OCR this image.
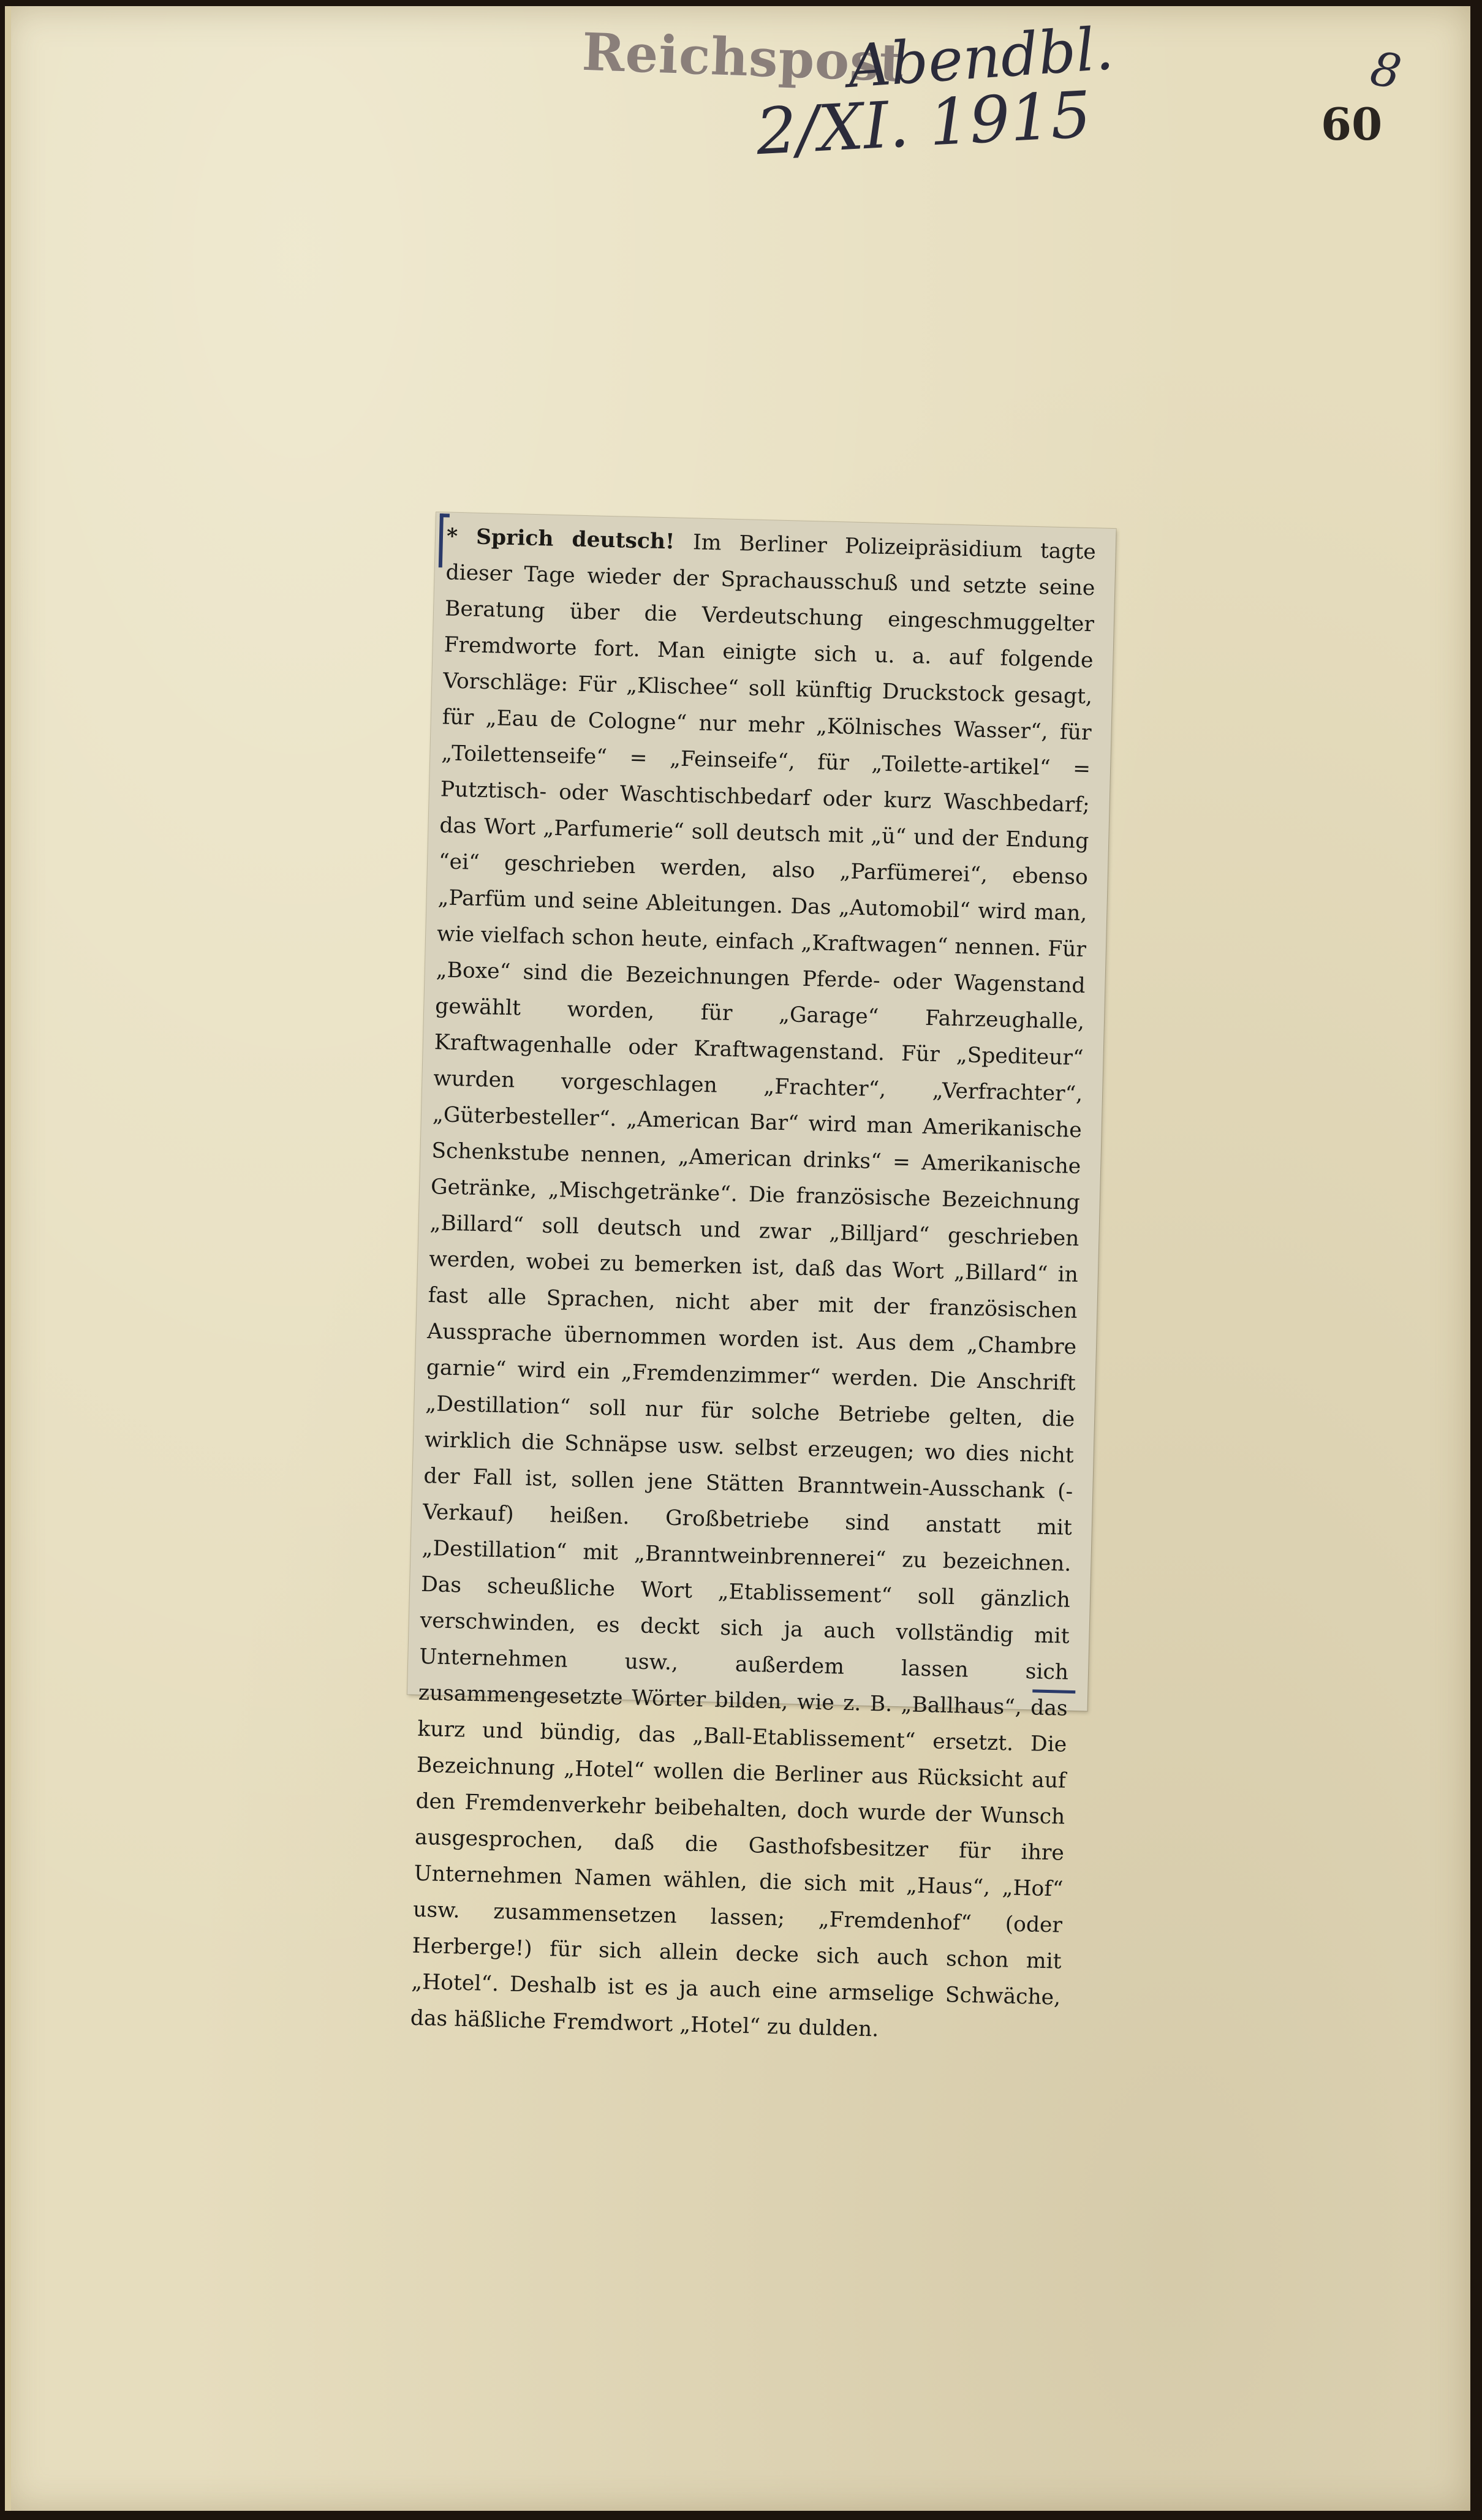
Reichspost
Abendbl.
2/XI. 1915
8
60

* Sprich deutsch! Im Berliner Polizeipräsidium tagte dieser Tage wieder der Sprachausschuß und setzte seine Beratung über die Verdeutschung eingeschmuggelter Fremdworte fort. Man einigte sich u. a. auf folgende Vorschläge: Für „Klischee“ soll künftig Druckstock gesagt, für „Eau de Cologne“ nur mehr „Kölnisches Wasser“, für „Toilettenseife“ = „Feinseife“, für „Toilette-artikel“ = Putztisch- oder Waschtischbedarf oder kurz Waschbedarf; das Wort „Parfumerie“ soll deutsch mit „ü“ und der Endung “ei“ geschrieben werden, also „Parfümerei“, ebenso „Parfüm und seine Ableitungen. Das „Automobil“ wird man, wie vielfach schon heute, einfach „Kraftwagen“ nennen. Für „Boxe“ sind die Bezeichnungen Pferde- oder Wagenstand gewählt worden, für „Garage“ Fahrzeughalle, Kraftwagenhalle oder Kraftwagenstand. Für „Spediteur“ wurden vorgeschlagen „Frachter“, „Verfrachter“, „Güterbesteller“. „American Bar“ wird man Amerikanische Schenkstube nennen, „American drinks“ = Amerikanische Getränke, „Mischgetränke“. Die französische Bezeichnung „Billard“ soll deutsch und zwar „Billjard“ geschrieben werden, wobei zu bemerken ist, daß das Wort „Billard“ in fast alle Sprachen, nicht aber mit der französischen Aussprache übernommen worden ist. Aus dem „Chambre garnie“ wird ein „Fremdenzimmer“ werden. Die Anschrift „Destillation“ soll nur für solche Betriebe gelten, die wirklich die Schnäpse usw. selbst erzeugen; wo dies nicht der Fall ist, sollen jene Stätten Branntwein-Ausschank (-Verkauf) heißen. Großbetriebe sind anstatt mit „Destillation“ mit „Branntweinbrennerei“ zu bezeichnen. Das scheußliche Wort „Etablissement“ soll gänzlich verschwinden, es deckt sich ja auch vollständig mit Unternehmen usw., außerdem lassen sich zusammengesetzte Wörter bilden, wie z. B. „Ballhaus“, das kurz und bündig, das „Ball-Etablissement“ ersetzt. Die Bezeichnung „Hotel“ wollen die Berliner aus Rücksicht auf den Fremdenverkehr beibehalten, doch wurde der Wunsch ausgesprochen, daß die Gasthofsbesitzer für ihre Unternehmen Namen wählen, die sich mit „Haus“, „Hof“ usw. zusammensetzen lassen; „Fremdenhof“ (oder Herberge!) für sich allein decke sich auch schon mit „Hotel“. Deshalb ist es ja auch eine armselige Schwäche, das häßliche Fremdwort „Hotel“ zu dulden.
